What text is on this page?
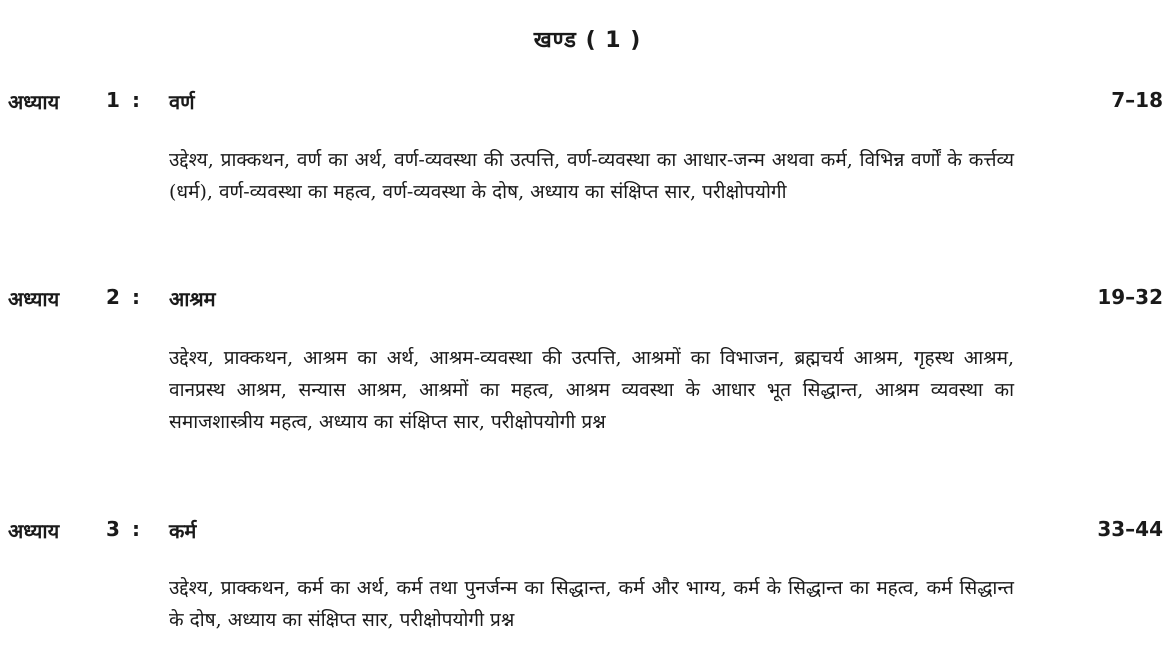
खण्ड ( 1 )
अध्याय 1 : वर्ण	7–18
उद्देश्य, प्राक्कथन, वर्ण का अर्थ, वर्ण-व्यवस्था की उत्पत्ति, वर्ण-व्यवस्था का आधार-जन्म अथवा कर्म, विभिन्न वर्णों के कर्त्तव्य (धर्म), वर्ण-व्यवस्था का महत्व, वर्ण-व्यवस्था के दोष, अध्याय का संक्षिप्त सार, परीक्षोपयोगी
अध्याय 2 : आश्रम	19–32
उद्देश्य, प्राक्कथन, आश्रम का अर्थ, आश्रम-व्यवस्था की उत्पत्ति, आश्रमों का विभाजन, ब्रह्मचर्य आश्रम, गृहस्थ आश्रम, वानप्रस्थ आश्रम, सन्यास आश्रम, आश्रमों का महत्व, आश्रम व्यवस्था के आधार भूत सिद्धान्त, आश्रम व्यवस्था का समाजशास्त्रीय महत्व, अध्याय का संक्षिप्त सार, परीक्षोपयोगी प्रश्न
अध्याय 3 : कर्म	33–44
उद्देश्य, प्राक्कथन, कर्म का अर्थ, कर्म तथा पुनर्जन्म का सिद्धान्त, कर्म और भाग्य, कर्म के सिद्धान्त का महत्व, कर्म सिद्धान्त के दोष, अध्याय का संक्षिप्त सार, परीक्षोपयोगी प्रश्न
